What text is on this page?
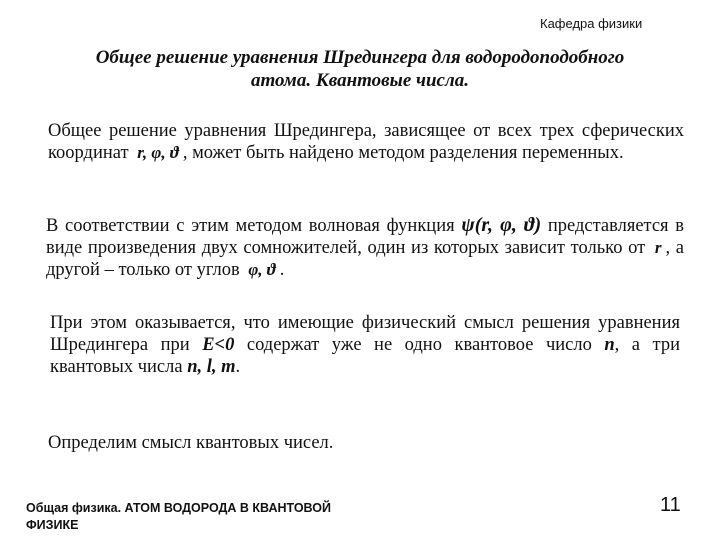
Кафедра физики
Общее решение уравнения Шредингера для водородоподобного
атома. Квантовые числа.
Общее решение уравнения Шредингера, зависящее от всех трех сферических координат r, φ, ϑ , может быть найдено методом разделения переменных.
В соответствии с этим методом волновая функция ψ(r, φ, ϑ) представляется в виде произведения двух сомножителей, один из которых зависит только от r , а другой – только от углов φ, ϑ .
При этом оказывается, что имеющие физический смысл решения уравнения Шредингера при E<0 содержат уже не одно квантовое число n, а три квантовых числа n, l, m.
Определим смысл квантовых чисел.
Общая физика. АТОМ ВОДОРОДА В КВАНТОВОЙ ФИЗИКЕ
11
